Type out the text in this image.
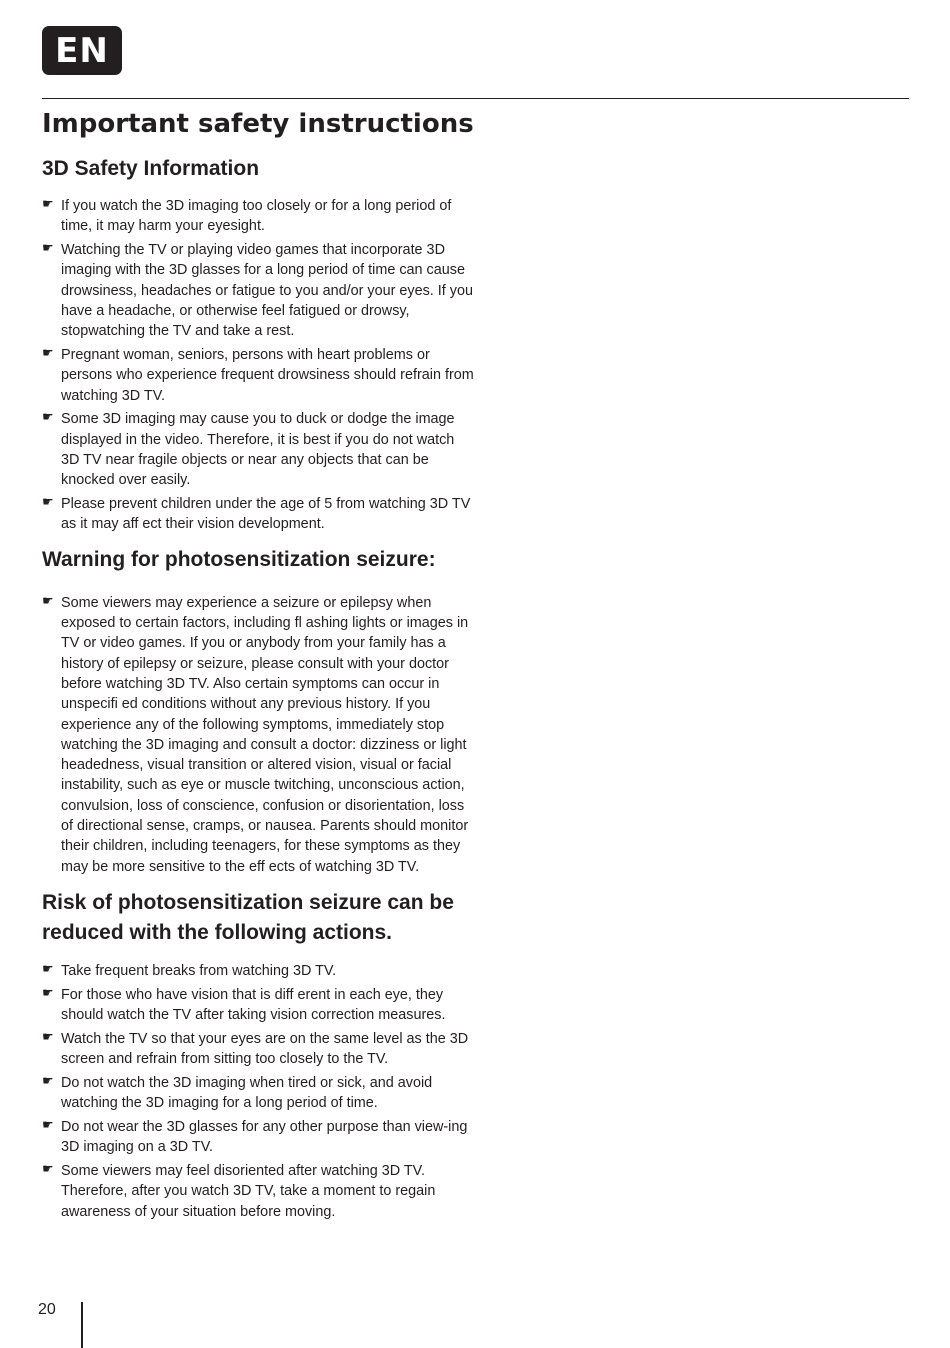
EN
Important safety instructions
3D Safety Information
☛ If you watch the 3D imaging too closely or for a long period of time, it may harm your eyesight.
☛ Watching the TV or playing video games that incorporate 3D imaging with the 3D glasses for a long period of time can cause drowsiness, headaches or fatigue to you and/or your eyes. If you have a headache, or otherwise feel fatigued or drowsy, stopwatching the TV and take a rest.
☛ Pregnant woman, seniors, persons with heart problems or persons who experience frequent drowsiness should refrain from watching 3D TV.
☛ Some 3D imaging may cause you to duck or dodge the image displayed in the video. Therefore, it is best if you do not watch 3D TV near fragile objects or near any objects that can be knocked over easily.
☛ Please prevent children under the age of 5 from watching 3D TV as it may aff ect their vision development.
Warning for photosensitization seizure:
☛ Some viewers may experience a seizure or epilepsy when exposed to certain factors, including fl ashing lights or images in TV or video games. If you or anybody from your family has a history of epilepsy or seizure, please consult with your doctor before watching 3D TV. Also certain symptoms can occur in unspecifi ed conditions without any previous history. If you experience any of the following symptoms, immediately stop watching the 3D imaging and consult a doctor: dizziness or light headedness, visual transition or altered vision, visual or facial instability, such as eye or muscle twitching, unconscious action, convulsion, loss of conscience, confusion or disorientation, loss of directional sense, cramps, or nausea. Parents should monitor their children, including teenagers, for these symptoms as they may be more sensitive to the eff ects of watching 3D TV.
Risk of photosensitization seizure can be reduced with the following actions.
☛ Take frequent breaks from watching 3D TV.
☛ For those who have vision that is diff erent in each eye, they should watch the TV after taking vision correction measures.
☛ Watch the TV so that your eyes are on the same level as the 3D screen and refrain from sitting too closely to the TV.
☛ Do not watch the 3D imaging when tired or sick, and avoid watching the 3D imaging for a long period of time.
☛ Do not wear the 3D glasses for any other purpose than view-ing 3D imaging on a 3D TV.
☛ Some viewers may feel disoriented after watching 3D TV. Therefore, after you watch 3D TV, take a moment to regain awareness of your situation before moving.
20
